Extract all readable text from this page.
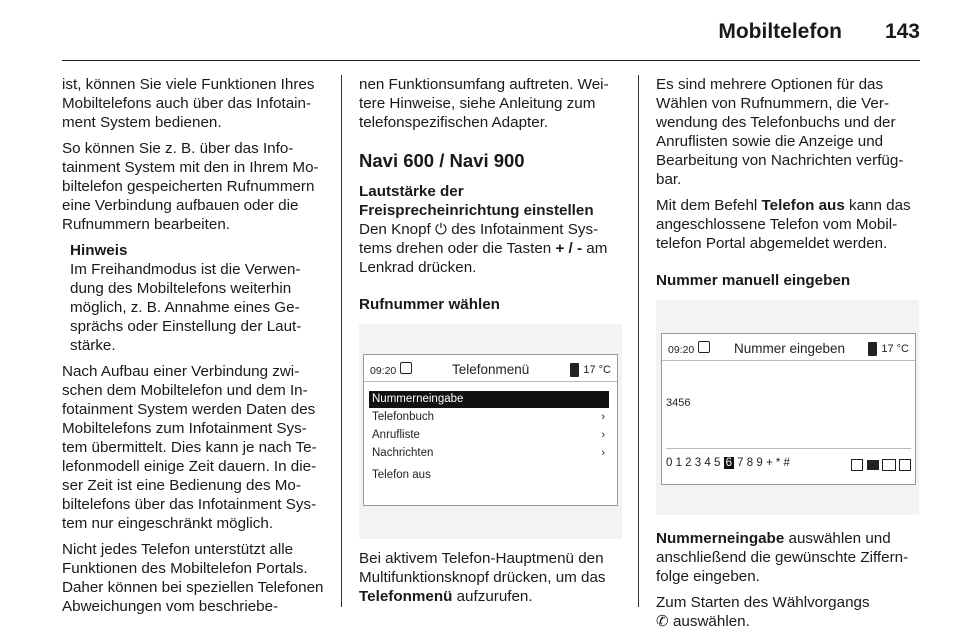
Mobiltelefon 143

ist, können Sie viele Funktionen Ihres Mobiltelefons auch über das Infotainment System bedienen.

So können Sie z. B. über das Infotainment System mit den in Ihrem Mobiltelefon gespeicherten Rufnummern eine Verbindung aufbauen oder die Rufnummern bearbeiten.

Hinweis
Im Freihandmodus ist die Verwendung des Mobiltelefons weiterhin möglich, z. B. Annahme eines Gesprächs oder Einstellung der Lautstärke.

Nach Aufbau einer Verbindung zwischen dem Mobiltelefon und dem Infotainment System werden Daten des Mobiltelefons zum Infotainment System übermittelt. Dies kann je nach Telefonmodell einige Zeit dauern. In dieser Zeit ist eine Bedienung des Mobiltelefons über das Infotainment System nur eingeschränkt möglich.

Nicht jedes Telefon unterstützt alle Funktionen des Mobiltelefon Portals. Daher können bei speziellen Telefonen Abweichungen vom beschriebe-

nen Funktionsumfang auftreten. Weitere Hinweise, siehe Anleitung zum telefonspezifischen Adapter.

Navi 600 / Navi 900
Lautstärke der Freisprecheinrichtung einstellen

Den Knopf ⏻ des Infotainment Systems drehen oder die Tasten + / - am Lenkrad drücken.

Rufnummer wählen
09:20	Telefonmenü	17 °C
Nummerneingabe
Telefonbuch	›
Anrufliste	›
Nachrichten	›
Telefon aus

Bei aktivem Telefon-Hauptmenü den Multifunktionsknopf drücken, um das Telefonmenü aufzurufen.

Es sind mehrere Optionen für das Wählen von Rufnummern, die Verwendung des Telefonbuchs und der Anruflisten sowie die Anzeige und Bearbeitung von Nachrichten verfügbar.

Mit dem Befehl Telefon aus kann das angeschlossene Telefon vom Mobiltelefon Portal abgemeldet werden.

Nummer manuell eingeben
09:20	Nummer eingeben	17 °C
3456
0 1 2 3 4 5 6 7 8 9 + * #

Nummerneingabe auswählen und anschließend die gewünschte Ziffernfolge eingeben.

Zum Starten des Wählvorgangs
✆ auswählen.
